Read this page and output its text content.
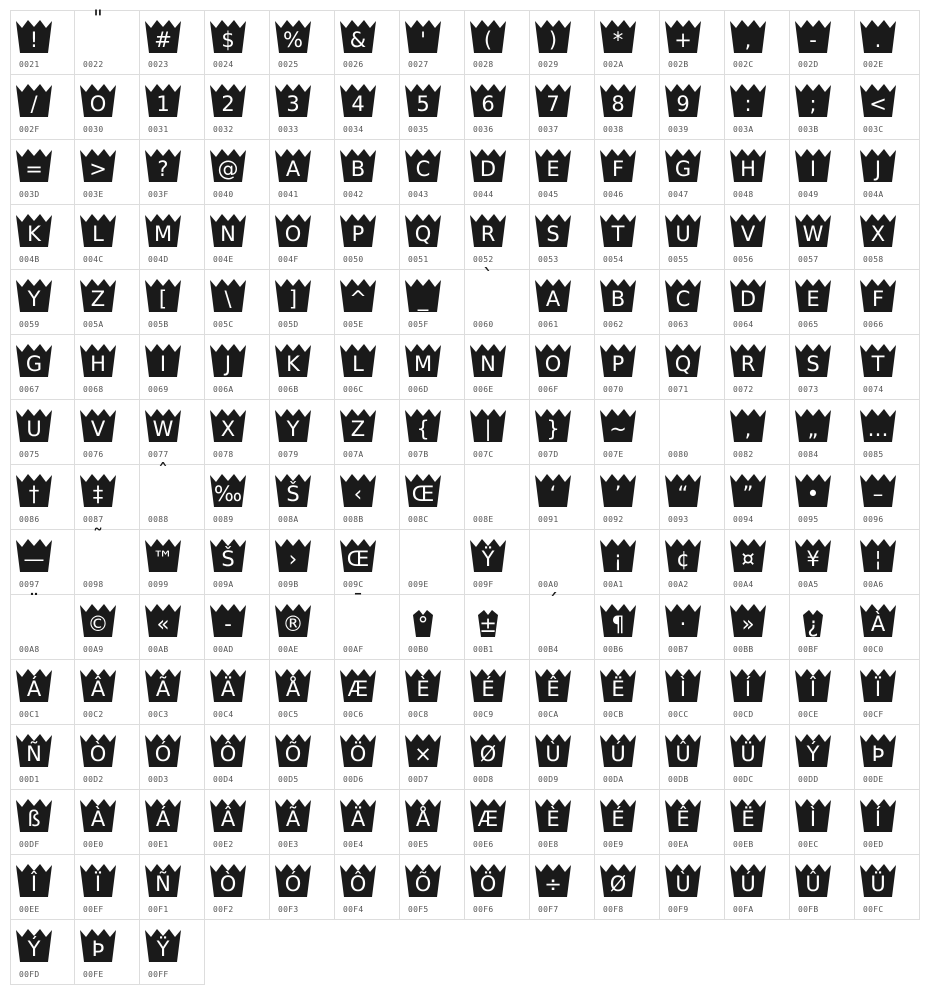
!
0021
"
0022
#
0023
$
0024
%
0025
&
0026
'
0027
(
0028
)
0029
*
002A
+
002B
,
002C
-
002D
.
002E
/
002F
O
0030
1
0031
2
0032
3
0033
4
0034
5
0035
6
0036
7
0037
8
0038
9
0039
:
003A
;
003B
<
003C
=
003D
>
003E
?
003F
@
0040
A
0041
B
0042
C
0043
D
0044
E
0045
F
0046
G
0047
H
0048
I
0049
J
004A
K
004B
L
004C
M
004D
N
004E
O
004F
P
0050
Q
0051
R
0052
S
0053
T
0054
U
0055
V
0056
W
0057
X
0058
Y
0059
Z
005A
[
005B
\
005C
]
005D
^
005E
_
005F
`
0060
A
0061
B
0062
C
0063
D
0064
E
0065
F
0066
G
0067
H
0068
I
0069
J
006A
K
006B
L
006C
M
006D
N
006E
O
006F
P
0070
Q
0071
R
0072
S
0073
T
0074
U
0075
V
0076
W
0077
X
0078
Y
0079
Z
007A
{
007B
|
007C
}
007D
~
007E	0080
,
0082
„
0084
…
0085
†
0086
‡
0087
ˆ
0088
‰
0089
Š
008A
‹
008B
Œ
008C	008E
‘
0091
’
0092
“
0093
”
0094
•
0095
–
0096
—
0097
˜
0098
™
0099
Š
009A
›
009B
Œ
009C	009E
Ÿ
009F	00A0
¡
00A1
¢
00A2
¤
00A4
¥
00A5
¦
00A6
¨
00A8
©
00A9
«
00AB
-
00AD
®
00AE
¯
00AF
°
00B0
±
00B1
´
00B4
¶
00B6
·
00B7
»
00BB
¿
00BF
À
00C0
Á
00C1
Â
00C2
Ã
00C3
Ä
00C4
Å
00C5
Æ
00C6
È
00C8
É
00C9
Ê
00CA
Ë
00CB
Ì
00CC
Í
00CD
Î
00CE
Ï
00CF
Ñ
00D1
Ò
00D2
Ó
00D3
Ô
00D4
Õ
00D5
Ö
00D6
×
00D7
Ø
00D8
Ù
00D9
Ú
00DA
Û
00DB
Ü
00DC
Ý
00DD
Þ
00DE
ß
00DF
À
00E0
Á
00E1
Â
00E2
Ã
00E3
Ä
00E4
Å
00E5
Æ
00E6
È
00E8
É
00E9
Ê
00EA
Ë
00EB
Ì
00EC
Í
00ED
Î
00EE
Ï
00EF
Ñ
00F1
Ò
00F2
Ó
00F3
Ô
00F4
Õ
00F5
Ö
00F6
÷
00F7
Ø
00F8
Ù
00F9
Ú
00FA
Û
00FB
Ü
00FC
Ý
00FD
Þ
00FE
Ÿ
00FF
